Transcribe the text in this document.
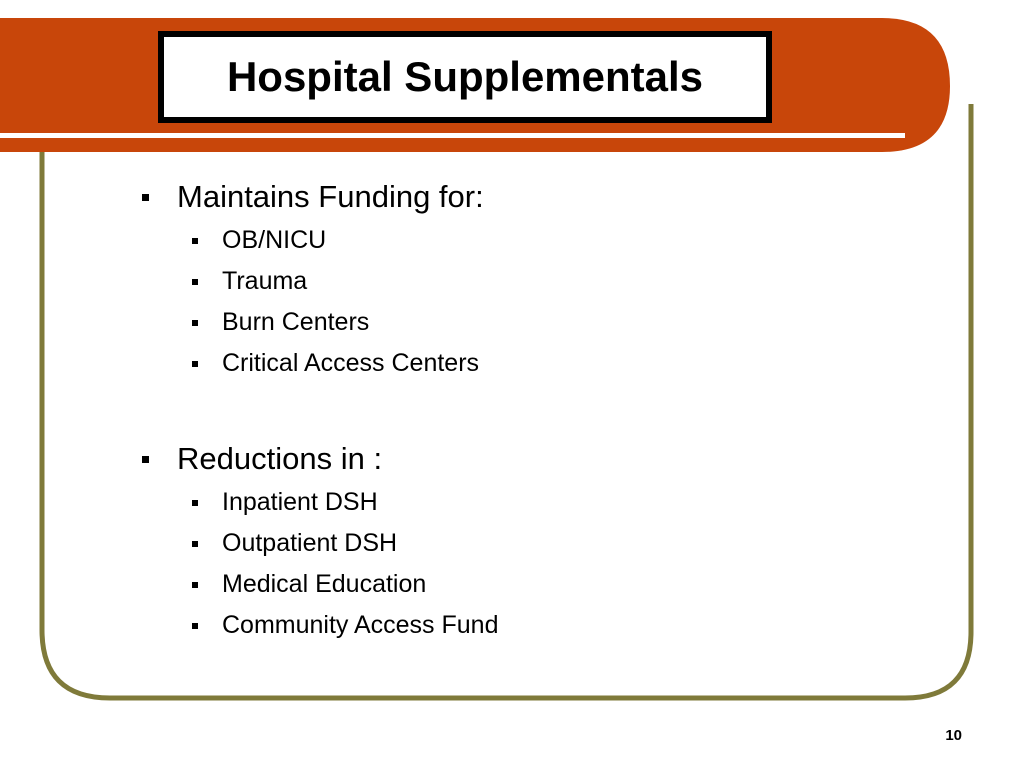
Hospital Supplementals
Maintains Funding for:
OB/NICU
Trauma
Burn Centers
Critical Access Centers
Reductions in :
Inpatient DSH
Outpatient DSH
Medical Education
Community Access Fund
10
